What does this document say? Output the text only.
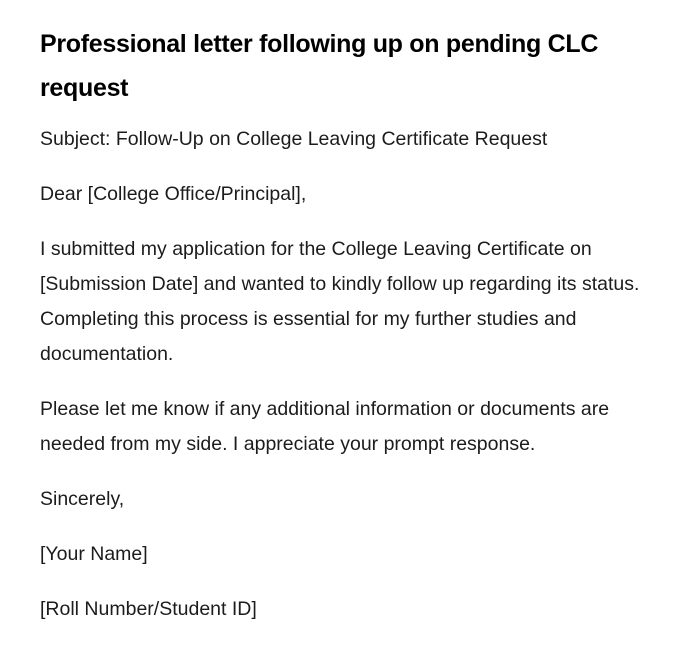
Professional letter following up on pending CLC request

Subject: Follow-Up on College Leaving Certificate Request

Dear [College Office/Principal],

I submitted my application for the College Leaving Certificate on [Submission Date] and wanted to kindly follow up regarding its status. Completing this process is essential for my further studies and documentation.

Please let me know if any additional information or documents are needed from my side. I appreciate your prompt response.

Sincerely,

[Your Name]

[Roll Number/Student ID]
